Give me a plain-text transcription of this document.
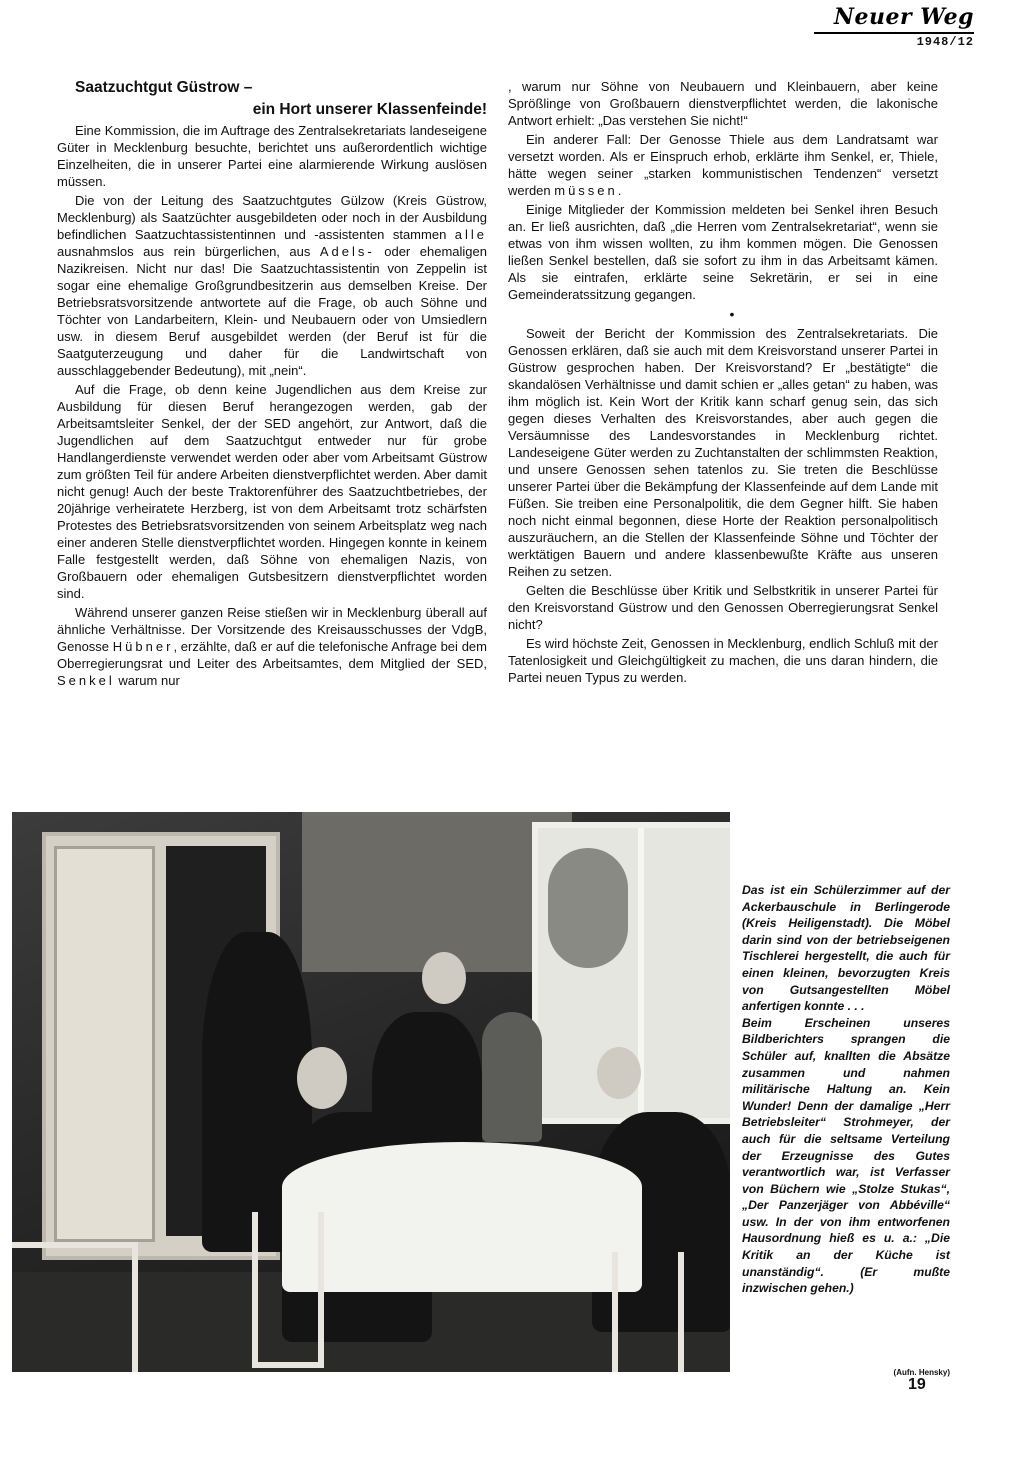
Neuer Weg
1948/12

Saatzuchtgut Güstrow –

ein Hort unserer Klassenfeinde!

Eine Kommission, die im Auftrage des Zentralsekretariats landeseigene Güter in Mecklenburg besuchte, berichtet uns außerordentlich wichtige Einzelheiten, die in unserer Partei eine alarmierende Wirkung auslösen müssen.

Die von der Leitung des Saatzuchtgutes Gülzow (Kreis Güstrow, Mecklenburg) als Saatzüchter ausgebildeten oder noch in der Ausbildung befindlichen Saatzuchtassistentinnen und -assistenten stammen alle ausnahmslos aus rein bürgerlichen, aus Adels- oder ehemaligen Nazikreisen. Nicht nur das! Die Saatzuchtassistentin von Zeppelin ist sogar eine ehemalige Großgrundbesitzerin aus demselben Kreise. Der Betriebsratsvorsitzende antwortete auf die Frage, ob auch Söhne und Töchter von Landarbeitern, Klein- und Neubauern oder von Umsiedlern usw. in diesem Beruf ausgebildet werden (der Beruf ist für die Saatguterzeugung und daher für die Landwirtschaft von ausschlaggebender Bedeutung), mit „nein“.

Auf die Frage, ob denn keine Jugendlichen aus dem Kreise zur Ausbildung für diesen Beruf herangezogen werden, gab der Arbeitsamtsleiter Senkel, der der SED angehört, zur Antwort, daß die Jugendlichen auf dem Saatzuchtgut entweder nur für grobe Handlangerdienste verwendet werden oder aber vom Arbeitsamt Güstrow zum größten Teil für andere Arbeiten dienstverpflichtet werden. Aber damit nicht genug! Auch der beste Traktorenführer des Saatzuchtbetriebes, der 20jährige verheiratete Herzberg, ist von dem Arbeitsamt trotz schärfsten Protestes des Betriebsratsvorsitzenden von seinem Arbeitsplatz weg nach einer anderen Stelle dienstverpflichtet worden. Hingegen konnte in keinem Falle festgestellt werden, daß Söhne von ehemaligen Nazis, von Großbauern oder ehemaligen Gutsbesitzern dienstverpflichtet worden sind.

Während unserer ganzen Reise stießen wir in Mecklenburg überall auf ähnliche Verhältnisse. Der Vorsitzende des Kreisausschusses der VdgB, Genosse Hübner, erzählte, daß er auf die telefonische Anfrage bei dem Oberregierungsrat und Leiter des Arbeitsamtes, dem Mitglied der SED, Senkel warum nur

, warum nur Söhne von Neubauern und Kleinbauern, aber keine Sprößlinge von Großbauern dienstverpflichtet werden, die lakonische Antwort erhielt: „Das verstehen Sie nicht!“

Ein anderer Fall: Der Genosse Thiele aus dem Landratsamt war versetzt worden. Als er Einspruch erhob, erklärte ihm Senkel, er, Thiele, hätte wegen seiner „starken kommunistischen Tendenzen“ versetzt werden müssen.

Einige Mitglieder der Kommission meldeten bei Senkel ihren Besuch an. Er ließ ausrichten, daß „die Herren vom Zentralsekretariat“, wenn sie etwas von ihm wissen wollten, zu ihm kommen mögen. Die Genossen ließen Senkel bestellen, daß sie sofort zu ihm in das Arbeitsamt kämen. Als sie eintrafen, erklärte seine Sekretärin, er sei in eine Gemeinderatssitzung gegangen.

•

Soweit der Bericht der Kommission des Zentralsekretariats. Die Genossen erklären, daß sie auch mit dem Kreisvorstand unserer Partei in Güstrow gesprochen haben. Der Kreisvorstand? Er „bestätigte“ die skandalösen Verhältnisse und damit schien er „alles getan“ zu haben, was ihm möglich ist. Kein Wort der Kritik kann scharf genug sein, das sich gegen dieses Verhalten des Kreisvorstandes, aber auch gegen die Versäumnisse des Landesvorstandes in Mecklenburg richtet. Landeseigene Güter werden zu Zuchtanstalten der schlimmsten Reaktion, und unsere Genossen sehen tatenlos zu. Sie treten die Beschlüsse unserer Partei über die Bekämpfung der Klassenfeinde auf dem Lande mit Füßen. Sie treiben eine Personalpolitik, die dem Gegner hilft. Sie haben noch nicht einmal begonnen, diese Horte der Reaktion personalpolitisch auszuräuchern, an die Stellen der Klassenfeinde Söhne und Töchter der werktätigen Bauern und andere klassenbewußte Kräfte aus unseren Reihen zu setzen.

Gelten die Beschlüsse über Kritik und Selbstkritik in unserer Partei für den Kreisvorstand Güstrow und den Genossen Oberregierungsrat Senkel nicht?

Es wird höchste Zeit, Genossen in Mecklenburg, endlich Schluß mit der Tatenlosigkeit und Gleichgültigkeit zu machen, die uns daran hindern, die Partei neuen Typus zu werden.

Das ist ein Schülerzimmer auf der Ackerbauschule in Berlingerode (Kreis Heiligenstadt). Die Möbel darin sind von der betriebseigenen Tischlerei hergestellt, die auch für einen kleinen, bevorzugten Kreis von Gutsangestellten Möbel anfertigen konnte . . .

Beim Erscheinen unseres Bildberichters sprangen die Schüler auf, knallten die Absätze zusammen und nahmen militärische Haltung an. Kein Wunder! Denn der damalige „Herr Betriebsleiter“ Strohmeyer, der auch für die seltsame Verteilung der Erzeugnisse des Gutes verantwortlich war, ist Verfasser von Büchern wie „Stolze Stukas“, „Der Panzerjäger von Abbéville“ usw. In der von ihm entworfenen Hausordnung hieß es u. a.: „Die Kritik an der Küche ist unanständig“. (Er mußte inzwischen gehen.)

(Aufn. Hensky)
19
